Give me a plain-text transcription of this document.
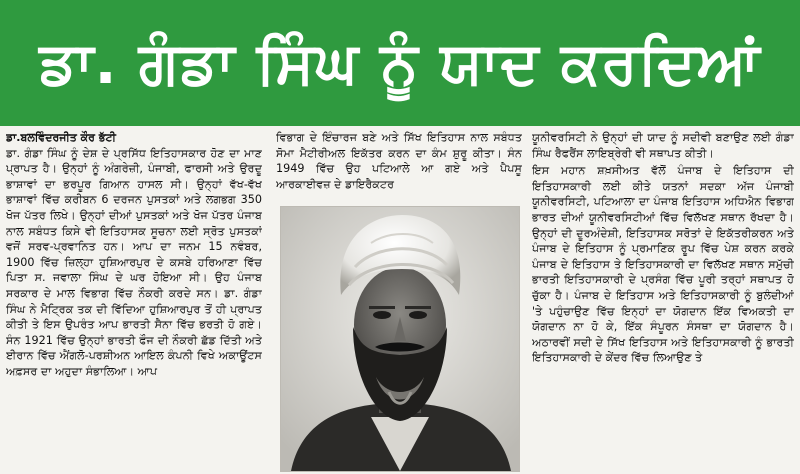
ਡਾ. ਗੰਡਾ ਸਿੰਘ ਨੂੰ ਯਾਦ ਕਰਦਿਆਂ

ਡਾ.ਬਲਵਿੰਦਰਜੀਤ ਕੌਰ ਭੱਟੀ

ਡਾ. ਗੰਡਾ ਸਿੰਘ ਨੂੰ ਦੇਸ਼ ਦੇ ਪ੍ਰਸਿੱਧ ਇਤਿਹਾਸਕਾਰ ਹੋਣ ਦਾ ਮਾਣ ਪ੍ਰਾਪਤ ਹੈ। ਉਨ੍ਹਾਂ ਨੂੰ ਅੰਗਰੇਜ਼ੀ, ਪੰਜਾਬੀ, ਫਾਰਸੀ ਅਤੇ ਉਰਦੂ ਭਾਸ਼ਾਵਾਂ ਦਾ ਭਰਪੂਰ ਗਿਆਨ ਹਾਸਲ ਸੀ। ਉਨ੍ਹਾਂ ਵੱਖ-ਵੱਖ ਭਾਸ਼ਾਵਾਂ ਵਿੱਚ ਕਰੀਬਨ 6 ਦਰਜਨ ਪੁਸਤਕਾਂ ਅਤੇ ਲਗਭਗ 350 ਖੋਜ ਪੱਤਰ ਲਿਖੇ। ਉਨ੍ਹਾਂ ਦੀਆਂ ਪੁਸਤਕਾਂ ਅਤੇ ਖੋਜ ਪੱਤਰ ਪੰਜਾਬ ਨਾਲ ਸਬੰਧਤ ਕਿਸੇ ਵੀ ਇਤਿਹਾਸਕ ਸੂਚਨਾ ਲਈ ਸ੍ਰੋਤ ਪੁਸਤਕਾਂ ਵਜੋਂ ਸਰਵ-ਪ੍ਰਵਾਨਿਤ ਹਨ। ਆਪ ਦਾ ਜਨਮ 15 ਨਵੰਬਰ, 1900 ਵਿੱਚ ਜ਼ਿਲ੍ਹਾ ਹੁਸ਼ਿਆਰਪੁਰ ਦੇ ਕਸਬੇ ਹਰਿਆਣਾ ਵਿੱਚ ਪਿਤਾ ਸ. ਜਵਾਲਾ ਸਿੰਘ ਦੇ ਘਰ ਹੋਇਆ ਸੀ। ਉਹ ਪੰਜਾਬ ਸਰਕਾਰ ਦੇ ਮਾਲ ਵਿਭਾਗ ਵਿੱਚ ਨੌਕਰੀ ਕਰਦੇ ਸਨ। ਡਾ. ਗੰਡਾ ਸਿੰਘ ਨੇ ਮੈਟ੍ਰਿਕ ਤਕ ਦੀ ਵਿੱਦਿਆ ਹੁਸ਼ਿਆਰਪੁਰ ਤੋਂ ਹੀ ਪ੍ਰਾਪਤ ਕੀਤੀ ਤੇ ਇਸ ਉਪਰੰਤ ਆਪ ਭਾਰਤੀ ਸੈਨਾ ਵਿੱਚ ਭਰਤੀ ਹੋ ਗਏ। ਸੰਨ 1921 ਵਿੱਚ ਉਨ੍ਹਾਂ ਭਾਰਤੀ ਫੌਜ ਦੀ ਨੌਕਰੀ ਛੱਡ ਦਿੱਤੀ ਅਤੇ ਈਰਾਨ ਵਿੱਚ ਐਂਗਲੋ-ਪਰਸ਼ੀਅਨ ਆਇਲ ਕੰਪਨੀ ਵਿਖੇ ਅਕਾਊਂਟਸ ਅਫ਼ਸਰ ਦਾ ਅਹੁਦਾ ਸੰਭਾਲਿਆ। ਆਪ

ਵਿਭਾਗ ਦੇ ਇੰਚਾਰਜ ਬਣੇ ਅਤੇ ਸਿੱਖ ਇਤਿਹਾਸ ਨਾਲ ਸਬੰਧਤ ਸੋਮਾ ਮੈਟੀਰੀਅਲ ਇਕੱਤਰ ਕਰਨ ਦਾ ਕੰਮ ਸ਼ੁਰੂ ਕੀਤਾ। ਸੰਨ 1949 ਵਿੱਚ ਉਹ ਪਟਿਆਲੇ ਆ ਗਏ ਅਤੇ ਪੈਪਸੂ ਆਰਕਾਈਵਜ਼ ਦੇ ਡਾਇਰੈਕਟਰ

ਯੂਨੀਵਰਸਿਟੀ ਨੇ ਉਨ੍ਹਾਂ ਦੀ ਯਾਦ ਨੂੰ ਸਦੀਵੀ ਬਣਾਉਣ ਲਈ ਗੰਡਾ ਸਿੰਘ ਰੈਫਰੈਂਸ ਲਾਇਬ੍ਰੇਰੀ ਵੀ ਸਥਾਪਤ ਕੀਤੀ।

ਇਸ ਮਹਾਨ ਸ਼ਖ਼ਸੀਅਤ ਵੱਲੋਂ ਪੰਜਾਬ ਦੇ ਇਤਿਹਾਸ ਦੀ ਇਤਿਹਾਸਕਾਰੀ ਲਈ ਕੀਤੇ ਯਤਨਾਂ ਸਦਕਾ ਅੱਜ ਪੰਜਾਬੀ ਯੂਨੀਵਰਸਿਟੀ, ਪਟਿਆਲਾ ਦਾ ਪੰਜਾਬ ਇਤਿਹਾਸ ਅਧਿਐਨ ਵਿਭਾਗ ਭਾਰਤ ਦੀਆਂ ਯੂਨੀਵਰਸਿਟੀਆਂ ਵਿੱਚ ਵਿਲੱਖਣ ਸਥਾਨ ਰੱਖਦਾ ਹੈ। ਉਨ੍ਹਾਂ ਦੀ ਦੂਰਅੰਦੇਸ਼ੀ, ਇਤਿਹਾਸਕ ਸਰੋਤਾਂ ਦੇ ਇਕੱਤਰੀਕਰਨ ਅਤੇ ਪੰਜਾਬ ਦੇ ਇਤਿਹਾਸ ਨੂੰ ਪ੍ਰਮਾਣਿਕ ਰੂਪ ਵਿੱਚ ਪੇਸ਼ ਕਰਨ ਕਰਕੇ ਪੰਜਾਬ ਦੇ ਇਤਿਹਾਸ ਤੇ ਇਤਿਹਾਸਕਾਰੀ ਦਾ ਵਿਲੱਖਣ ਸਥਾਨ ਸਮੁੱਚੀ ਭਾਰਤੀ ਇਤਿਹਾਸਕਾਰੀ ਦੇ ਪ੍ਰਸੰਗ ਵਿੱਚ ਪੂਰੀ ਤਰ੍ਹਾਂ ਸਥਾਪਤ ਹੋ ਚੁੱਕਾ ਹੈ। ਪੰਜਾਬ ਦੇ ਇਤਿਹਾਸ ਅਤੇ ਇਤਿਹਾਸਕਾਰੀ ਨੂੰ ਬੁਲੰਦੀਆਂ 'ਤੇ ਪਹੁੰਚਾਉਣ ਵਿੱਚ ਇਨ੍ਹਾਂ ਦਾ ਯੋਗਦਾਨ ਇੱਕ ਵਿਅਕਤੀ ਦਾ ਯੋਗਦਾਨ ਨਾ ਹੋ ਕੇ, ਇੱਕ ਸੰਪੂਰਨ ਸੰਸਥਾ ਦਾ ਯੋਗਦਾਨ ਹੈ। ਅਠਾਰਵੀਂ ਸਦੀ ਦੇ ਸਿੱਖ ਇਤਿਹਾਸ ਅਤੇ ਇਤਿਹਾਸਕਾਰੀ ਨੂੰ ਭਾਰਤੀ ਇਤਿਹਾਸਕਾਰੀ ਦੇ ਕੇਂਦਰ ਵਿੱਚ ਲਿਆਉਣ ਤੇ
